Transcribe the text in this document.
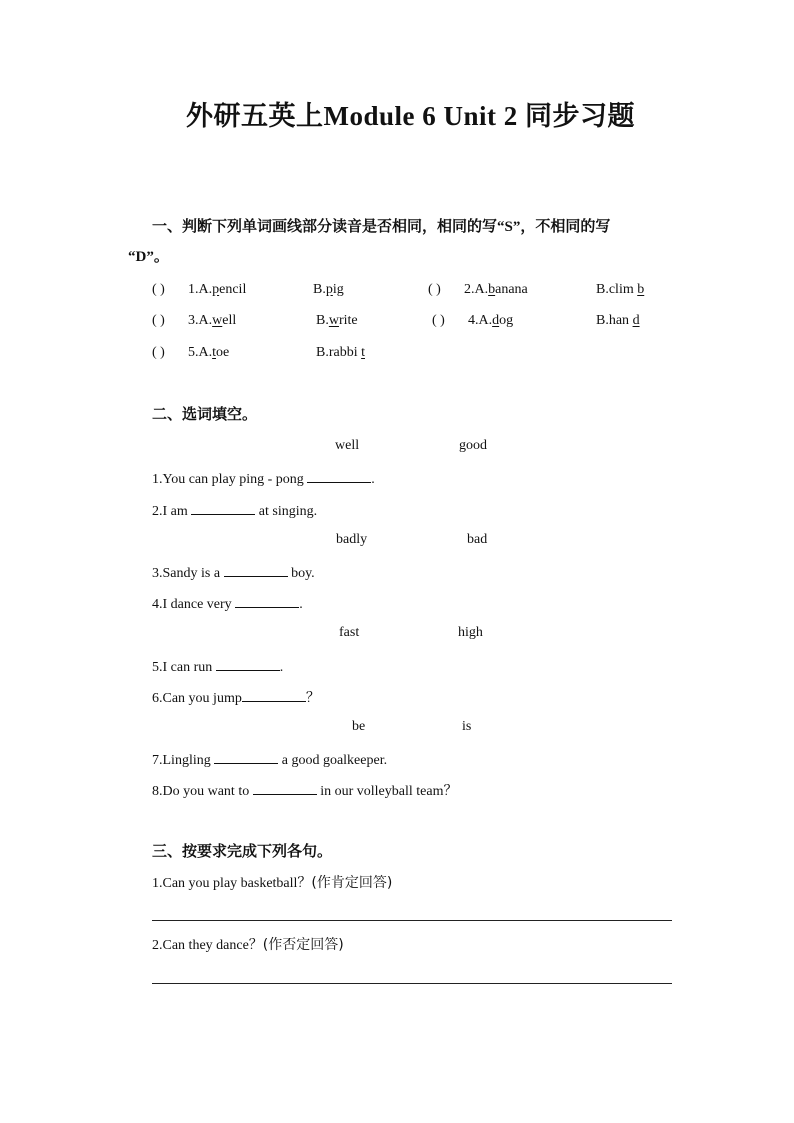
外研五英上Module 6 Unit 2 同步习题
一、判断下列单词画线部分读音是否相同，相同的写“S”，不相同的写
“D”。
( ) 1.A.pencil	B.pig	( ) 2.A.banana	B.clim b
( ) 3.A.well	B.write	( ) 4.A.dog	B.han d
( ) 5.A.toe	B.rabbi t
二、选词填空。
well	good
1.You can play ping - pong	.
2.I am	at singing.
badly	bad
3.Sandy is a	boy.
4.I dance very	.
fast	high
5.I can run	.
6.Can you jump	？
be	is
7.Lingling	a good goalkeeper.
8.Do you want to	in our volleyball team？
三、按要求完成下列各句。
1.Can you play basketball？(作肯定回答)
2.Can they dance？(作否定回答)
